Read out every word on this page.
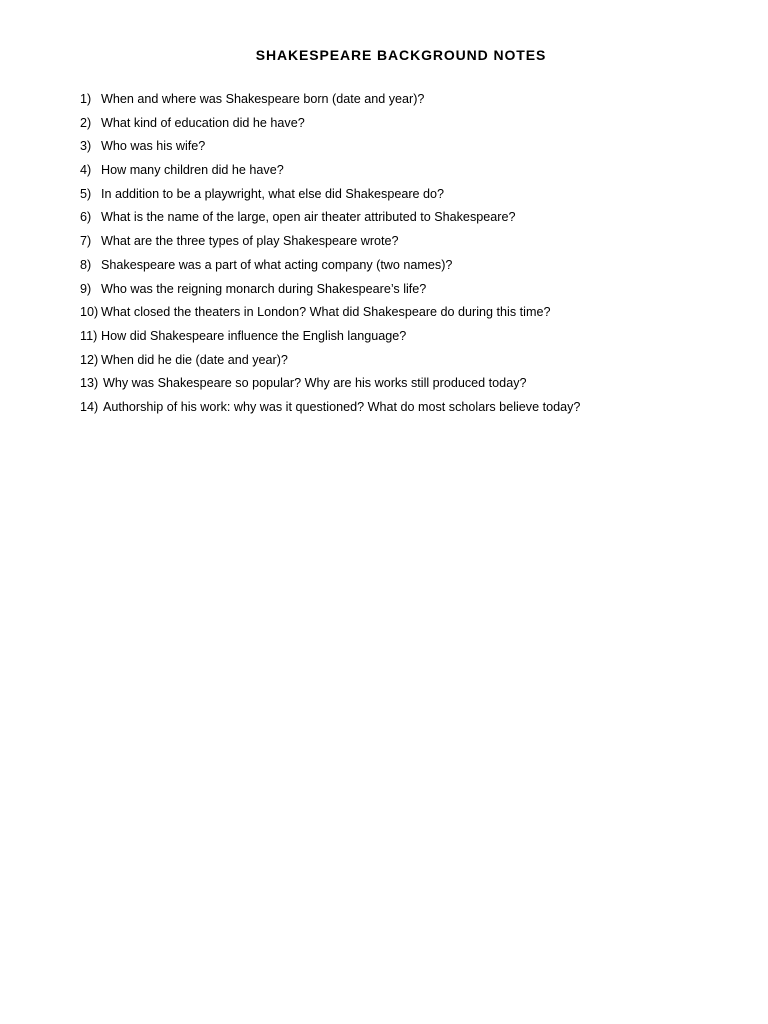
SHAKESPEARE BACKGROUND NOTES
1) When and where was Shakespeare born (date and year)?
2) What kind of education did he have?
3) Who was his wife?
4) How many children did he have?
5) In addition to be a playwright, what else did Shakespeare do?
6) What is the name of the large, open air theater attributed to Shakespeare?
7) What are the three types of play Shakespeare wrote?
8) Shakespeare was a part of what acting company (two names)?
9) Who was the reigning monarch during Shakespeare’s life?
10) What closed the theaters in London? What did Shakespeare do during this time?
11) How did Shakespeare influence the English language?
12) When did he die (date and year)?
13) Why was Shakespeare so popular? Why are his works still produced today?
14) Authorship of his work: why was it questioned? What do most scholars believe today?
